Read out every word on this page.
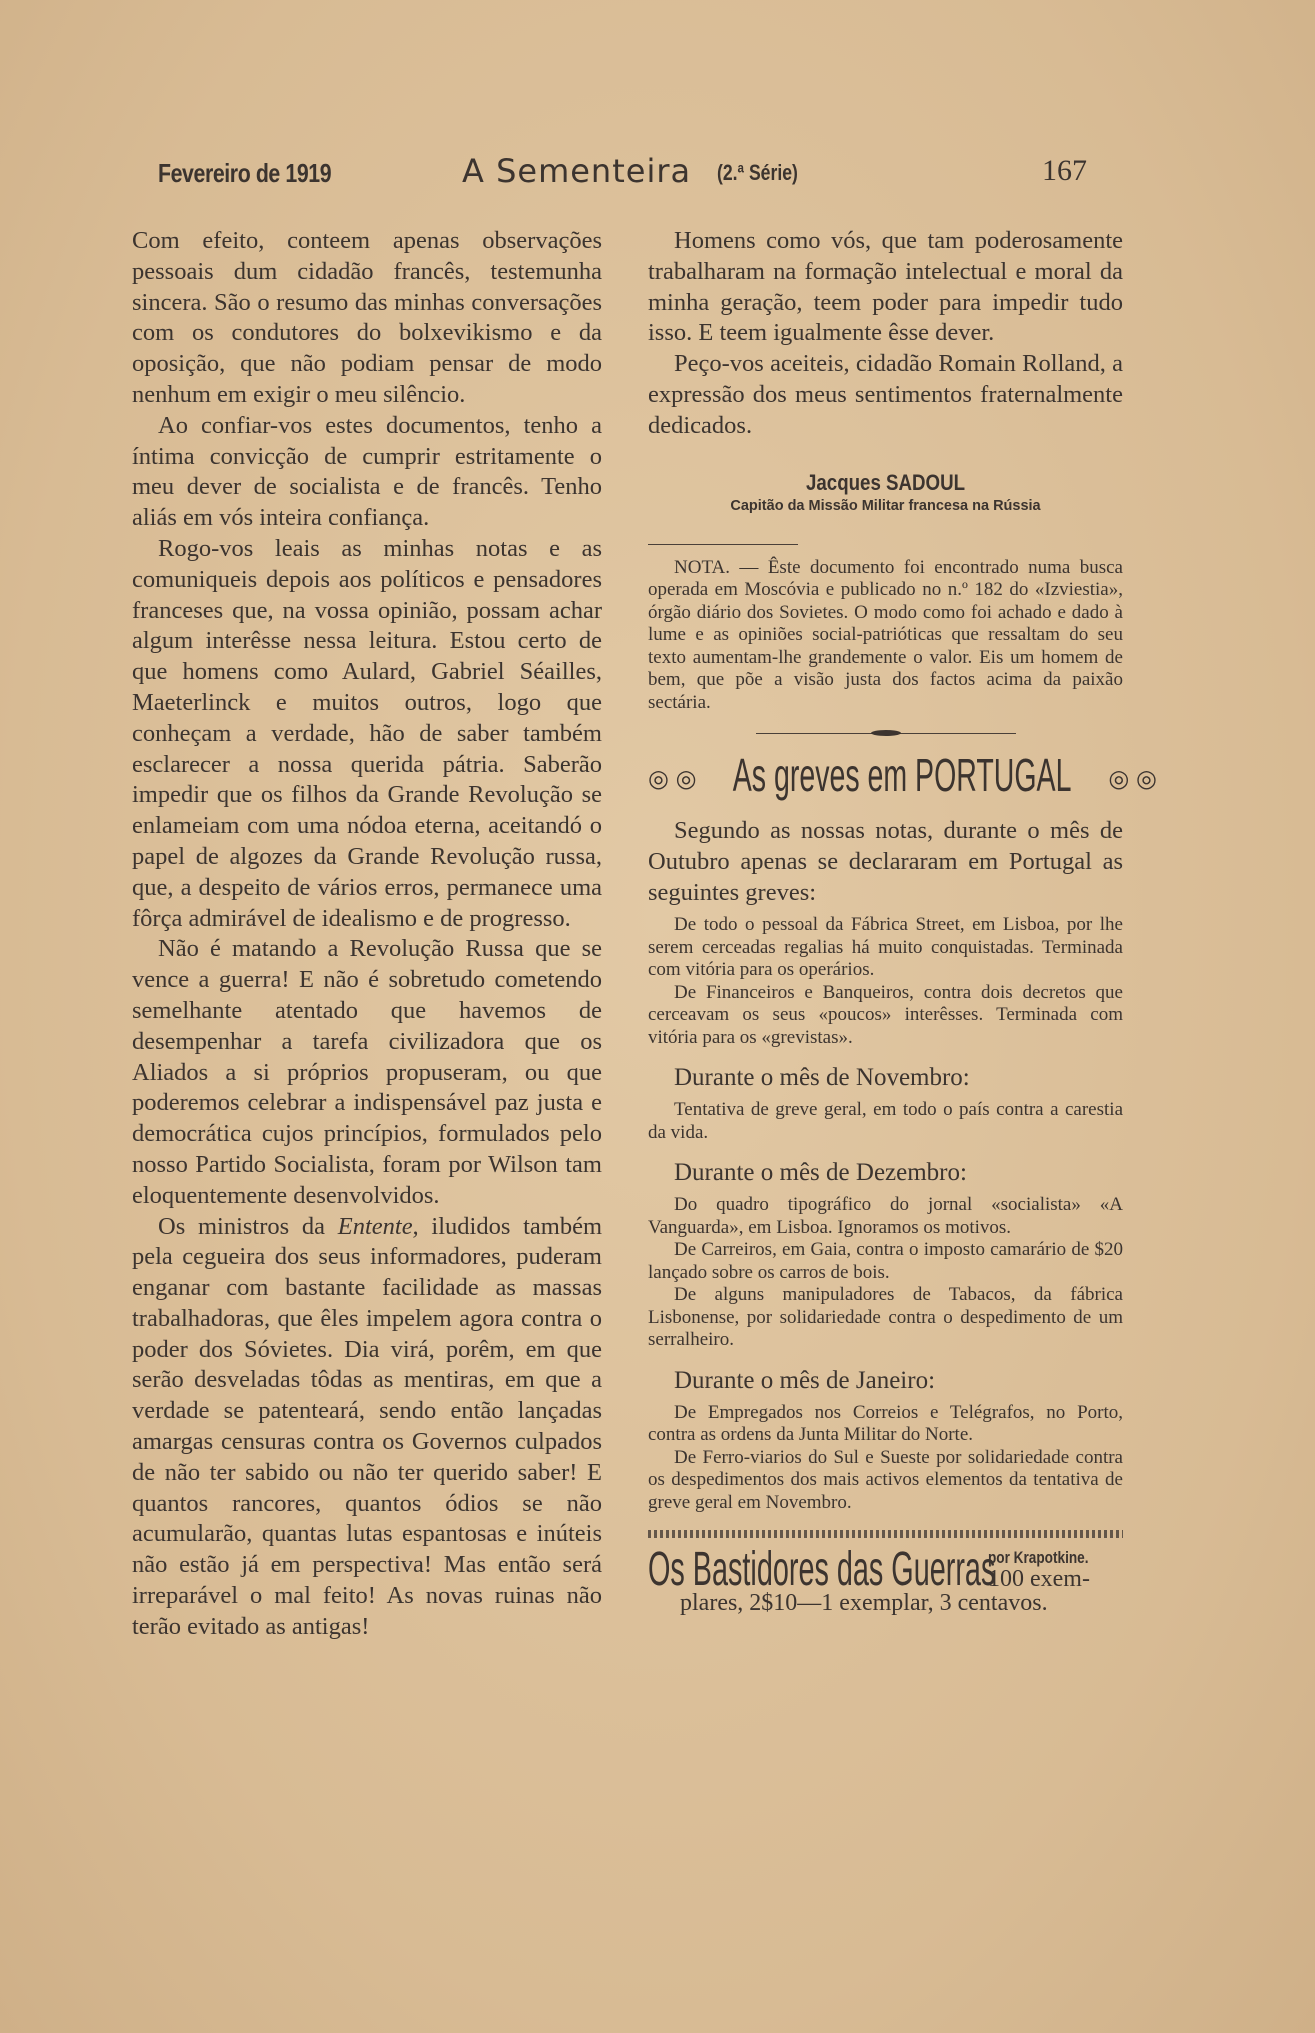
Fevereiro de 1919	A Sementeira (2.ª Série)	167

Com efeito, conteem apenas observações pessoais dum cidadão francês, testemunha sincera. São o resumo das minhas conversações com os condutores do bolxevikismo e da oposição, que não podiam pensar de modo nenhum em exigir o meu silêncio.

Ao confiar-vos estes documentos, tenho a íntima convicção de cumprir estritamente o meu dever de socialista e de francês. Tenho aliás em vós inteira confiança.

Rogo-vos leais as minhas notas e as comuniqueis depois aos políticos e pensadores franceses que, na vossa opinião, possam achar algum interêsse nessa leitura. Estou certo de que homens como Aulard, Gabriel Séailles, Maeterlinck e muitos outros, logo que conheçam a verdade, hão de saber também esclarecer a nossa querida pátria. Saberão impedir que os filhos da Grande Revolução se enlameiam com uma nódoa eterna, aceitandó o papel de algozes da Grande Revolução russa, que, a despeito de vários erros, permanece uma fôrça admirável de idealismo e de progresso.

Não é matando a Revolução Russa que se vence a guerra! E não é sobretudo cometendo semelhante atentado que havemos de desempenhar a tarefa civilizadora que os Aliados a si próprios propuseram, ou que poderemos celebrar a indispensável paz justa e democrática cujos princípios, formulados pelo nosso Partido Socialista, foram por Wilson tam eloquentemente desenvolvidos.

Os ministros da Entente, iludidos também pela cegueira dos seus informadores, puderam enganar com bastante facilidade as massas trabalhadoras, que êles impelem agora contra o poder dos Sóvietes. Dia virá, porêm, em que serão desveladas tôdas as mentiras, em que a verdade se patenteará, sendo então lançadas amargas censuras contra os Governos culpados de não ter sabido ou não ter querido saber! E quantos rancores, quantos ódios se não acumularão, quantas lutas espantosas e inúteis não estão já em perspectiva! Mas então será irreparável o mal feito! As novas ruinas não terão evitado as antigas!

Homens como vós, que tam poderosamente trabalharam na formação intelectual e moral da minha geração, teem poder para impedir tudo isso. E teem igualmente êsse dever.

Peço-vos aceiteis, cidadão Romain Rolland, a expressão dos meus sentimentos fraternalmente dedicados.

Jacques SADOUL
Capitão da Missão Militar francesa na Rússia

NOTA. — Êste documento foi encontrado numa busca operada em Moscóvia e publicado no n.º 182 do «Izviestia», órgão diário dos Sovietes. O modo como foi achado e dado à lume e as opiniões social-patrióticas que ressaltam do seu texto aumentam-lhe grandemente o valor. Eis um homem de bem, que põe a visão justa dos factos acima da paixão sectária.

◎ ◎ As greves em PORTUGAL ◎ ◎

Segundo as nossas notas, durante o mês de Outubro apenas se declararam em Portugal as seguintes greves:

De todo o pessoal da Fábrica Street, em Lisboa, por lhe serem cerceadas regalias há muito conquistadas. Terminada com vitória para os operários.

De Financeiros e Banqueiros, contra dois decretos que cerceavam os seus «poucos» interêsses. Terminada com vitória para os «grevistas».

Durante o mês de Novembro:

Tentativa de greve geral, em todo o país contra a carestia da vida.

Durante o mês de Dezembro:

Do quadro tipográfico do jornal «socialista» «A Vanguarda», em Lisboa. Ignoramos os motivos.

De Carreiros, em Gaia, contra o imposto camarário de $20 lançado sobre os carros de bois.

De alguns manipuladores de Tabacos, da fábrica Lisbonense, por solidariedade contra o despedimento de um serralheiro.

Durante o mês de Janeiro:

De Empregados nos Correios e Telégrafos, no Porto, contra as ordens da Junta Militar do Norte.

De Ferro-viarios do Sul e Sueste por solidariedade contra os despedimentos dos mais activos elementos da tentativa de greve geral em Novembro.

Os Bastidores das Guerras
por Krapotkine.
100 exem-
plares, 2$10—1 exemplar, 3 centavos.
